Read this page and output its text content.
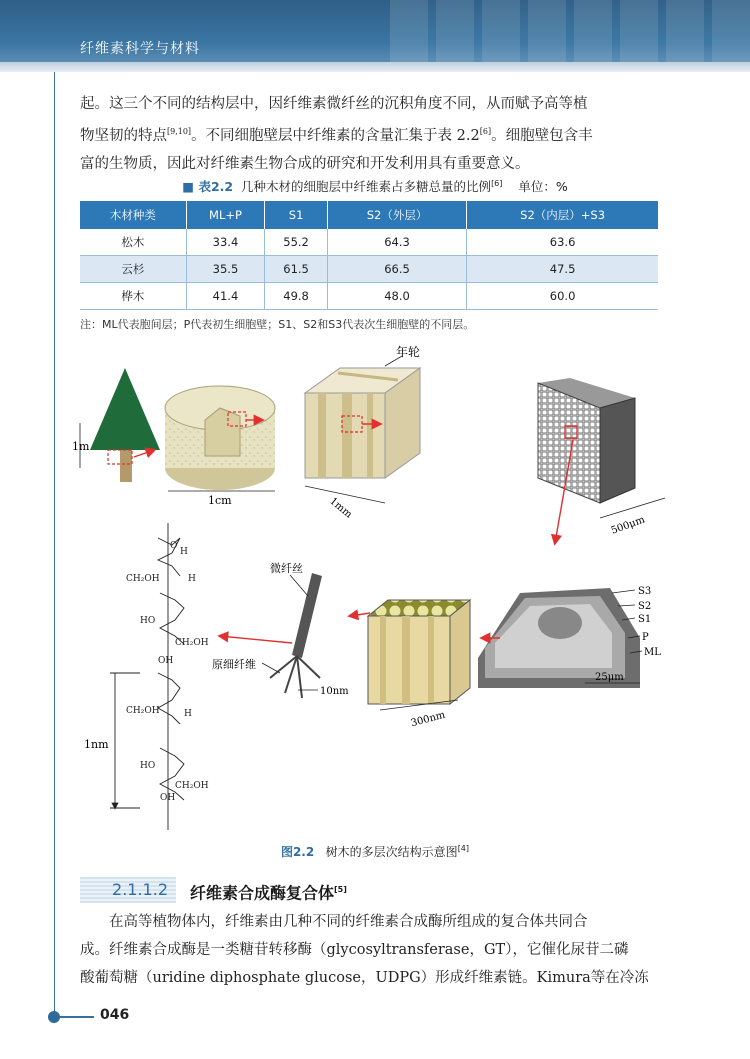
纤维素科学与材料

起。这三个不同的结构层中，因纤维素微纤丝的沉积角度不同，从而赋予高等植

物坚韧的特点[9,10]。不同细胞壁层中纤维素的含量汇集于表 2.2[6]。细胞壁包含丰

富的生物质，因此对纤维素生物合成的研究和开发利用具有重要意义。

■ 表2.2 几种木材的细胞层中纤维素占多糖总量的比例[6] 单位：%
木材种类	ML+P	S1	S2（外层）	S2（内层）+S3
松木	33.4	55.2	64.3	63.6
云杉	35.5	61.5	66.5	47.5
桦木	41.4	49.8	48.0	60.0
注：ML代表胞间层；P代表初生细胞壁；S1、S2和S3代表次生细胞壁的不同层。
1m
1cm
年轮
1mm
500μm
O
H
CH₂OH	H
HO
CH₂OH
OH
CH₂OH	H
HO
CH₂OH
OH
1nm
微纤丝
原细纤维
10nm
300nm
S3
S2
S1
P
ML
25μm
图2.2 树木的多层次结构示意图[4]
2.1.1.2	纤维素合成酶复合体[5]

在高等植物体内，纤维素由几种不同的纤维素合成酶所组成的复合体共同合

成。纤维素合成酶是一类糖苷转移酶（glycosyltransferase，GT），它催化尿苷二磷

酸葡萄糖（uridine diphosphate glucose，UDPG）形成纤维素链。Kimura等在冷冻

046
